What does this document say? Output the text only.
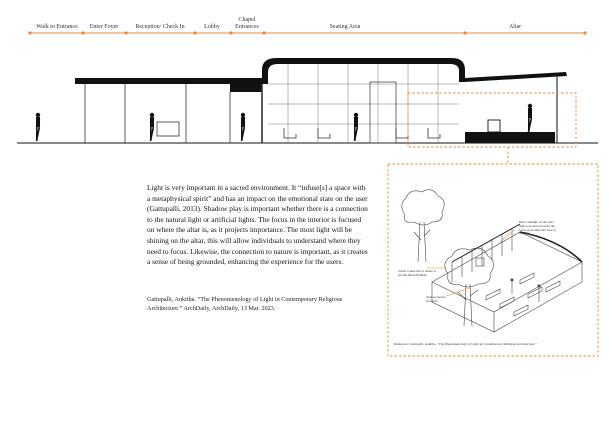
Walk to Entrance Enter Foyer	Reception/ Check In	Lobby
Chapel
Entrances	Seating Area	Altar
Light is very important in a sacred environment. It “infuse[s] a space with a metaphysical spirit” and has an impact on the emotional state on the user (Gattupalli, 2013). Shadow play is important whether there is a connection to the natural light or artificial lights. The focus in the interior is focused on where the altar is, as it projects importance. The most light will be shining on the altar, this will allow individuals to understand where they need to focus. Likewise, the connection to nature is important, as it creates a sense of being grounded, enhancing the experience for the users.
Gattupalli, Ankitha. “The Phenomenology of Light in Contemporary Religious Architecture.” ArchDaily, ArchDaily, 13 Mar. 2023.
Direct sunlight on the altar: light is projected toward the focus of worship and view at the altar
Visual connection to nature to ground the individuals
Seats projected forwards
Reference: Gattupalli, Ankitha. “The Phenomenology of Light in Contemporary Religious Architecture.”
